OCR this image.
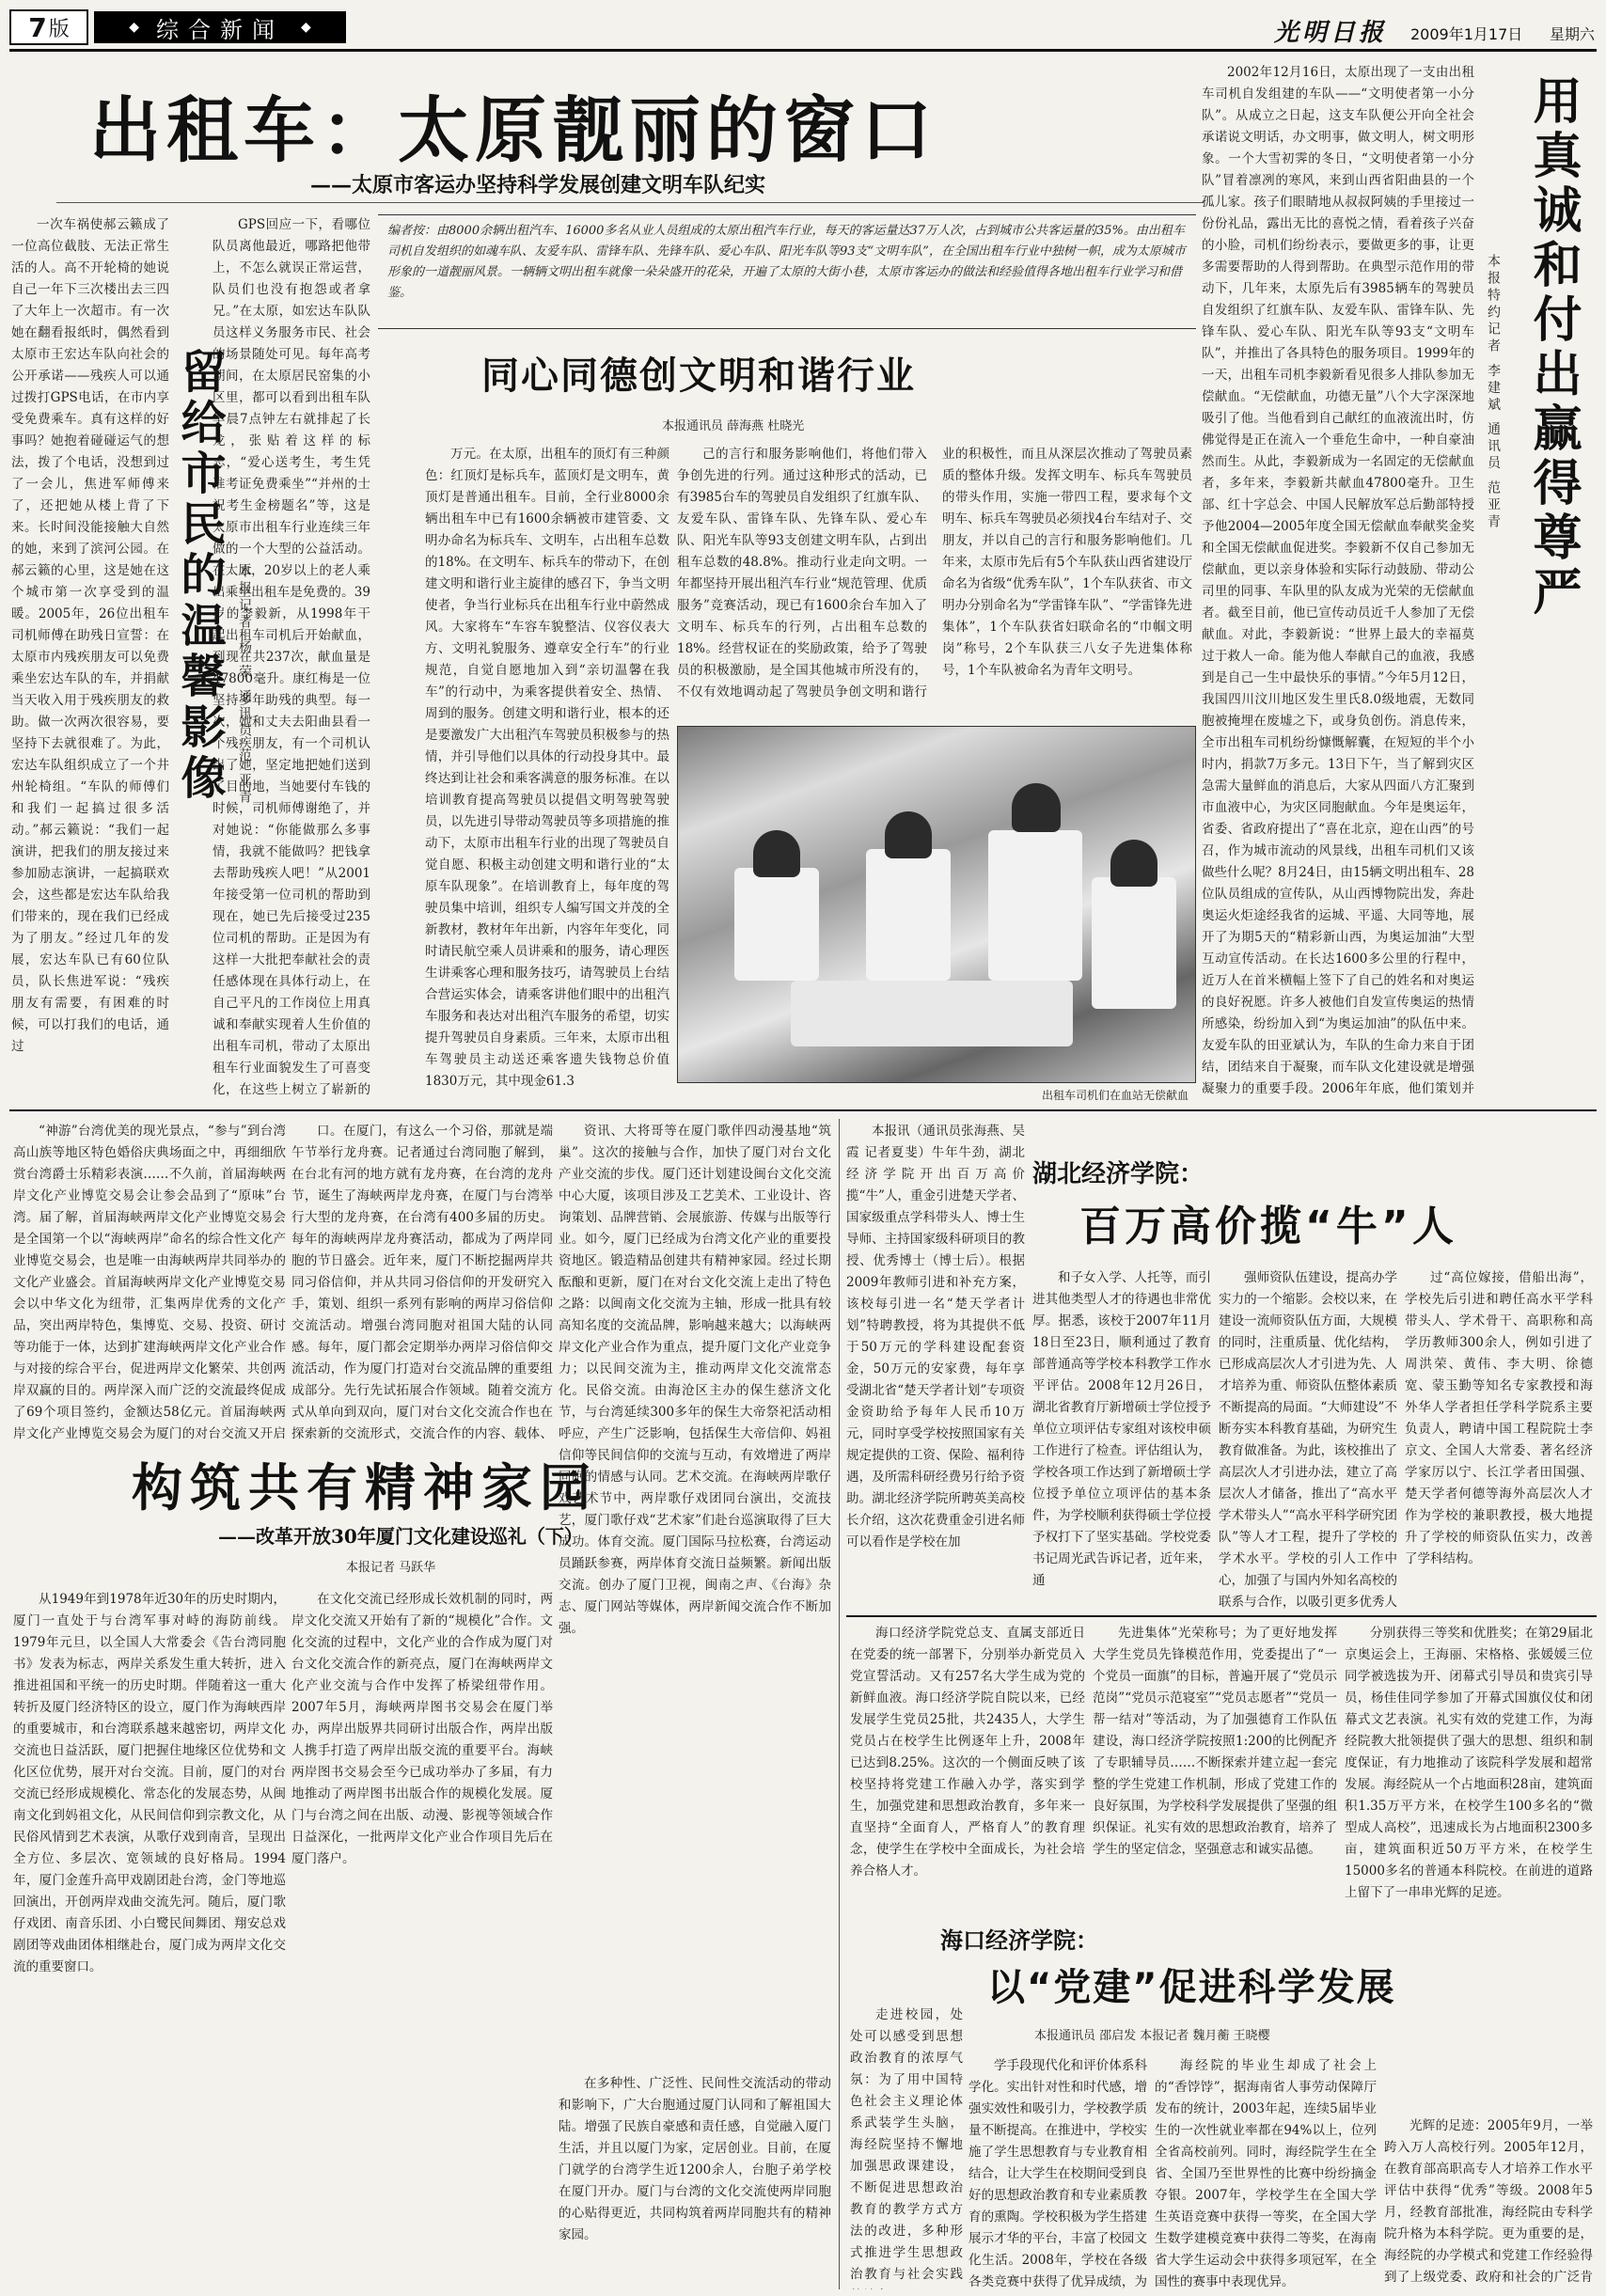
7 版	◆ 综合新闻 ◆	光明日报 2009年1月17日 星期六
出租车：太原靓丽的窗口
——太原市客运办坚持科学发展创建文明车队纪实

一次车祸使郝云籁成了一位高位截肢、无法正常生活的人。高不开轮椅的她说自己一年下三次楼出去三四了大年上一次超市。有一次她在翻看报纸时，偶然看到太原市王宏达车队向社会的公开承诺——残疾人可以通过拨打GPS电话，在市内享受免费乘车。真有这样的好事吗？她抱着碰碰运气的想法，拨了个电话，没想到过了一会儿，焦进军师傅来了，还把她从楼上背了下来。长时间没能接触大自然的她，来到了滨河公园。在郝云籁的心里，这是她在这个城市第一次享受到的温暖。2005年，26位出租车司机师傅在助残日宣誓：在太原市内残疾朋友可以免费乘坐宏达车队的车，并捐献当天收入用于残疾朋友的救助。做一次两次很容易，要坚持下去就很难了。为此，宏达车队组织成立了一个井州轮椅组。“车队的师傅们和我们一起搞过很多活动。”郝云籁说：“我们一起演讲，把我们的朋友接过来参加励志演讲，一起搞联欢会，这些都是宏达车队给我们带来的，现在我们已经成为了朋友。”经过几年的发展，宏达车队已有60位队员，队长焦进军说：“残疾朋友有需要，有困难的时候，可以打我们的电话，通过

留给市民的温馨影像 本报记者 杨 荣 通讯员 范 亚青

GPS回应一下，看哪位队员离他最近，哪路把他带上，不怎么就误正常运营，队员们也没有抱怨或者拿兄。”在太原，如宏达车队队员这样义务服务市民、社会的场景随处可见。每年高考期间，在太原居民窑集的小区里，都可以看到出租车队早晨7点钟左右就排起了长龙，张贴着这样的标志，“爱心送考生，考生凭准考证免费乘坐”“并州的士祝考生金榜题名”等，这是太原市出租车行业连续三年做的一个大型的公益活动。在太原，20岁以上的老人乘出乘坐出租车是免费的。39岁的李毅新，从1998年干起出租车司机后开始献血，到现在共237次，献血量是47800毫升。康红梅是一位坚持多年助残的典型。每一次，她和丈夫去阳曲县看一个残疾朋友，有一个司机认出了她，坚定地把她们送到了目的地，当她要付车钱的时候，司机师傅谢绝了，并对她说：“你能做那么多事情，我就不能做吗？把钱拿去帮助残疾人吧！”从2001年接受第一位司机的帮助到现在，她已先后接受过235位司机的帮助。正是因为有这样一大批把奉献社会的责任感体现在具体行动上，在自己平凡的工作岗位上用真诚和奉献实现着人生价值的出租车司机，带动了太原出租车行业面貌发生了可喜变化，在这些上树立了崭新的

编者按：由8000余辆出租汽车、16000多名从业人员组成的太原出租汽车行业，每天的客运量达37万人次，占到城市公共客运量的35%。由出租车司机自发组织的如魂车队、友爱车队、雷锋车队、先锋车队、爱心车队、阳光车队等93支“文明车队”，在全国出租车行业中独树一帜，成为太原城市形象的一道靓丽风景。一辆辆文明出租车就像一朵朵盛开的花朵，开遍了太原的大街小巷，太原市客运办的做法和经验值得各地出租车行业学习和借鉴。
同心同德创文明和谐行业
本报通讯员 薛海燕 杜晓光

万元。在太原，出租车的顶灯有三种颜色：红顶灯是标兵车，蓝顶灯是文明车，黄顶灯是普通出租车。目前，全行业8000余辆出租车中已有1600余辆被市建管委、文明办命名为标兵车、文明车，占出租车总数的18%。在文明车、标兵车的带动下，在创建文明和谐行业主旋律的感召下，争当文明使者，争当行业标兵在出租车行业中蔚然成风。大家将车“车容车貌整洁、仪容仪表大方、文明礼貌服务、遵章安全行车”的行业规范，自觉自愿地加入到“亲切温馨在我车”的行动中，为乘客提供着安全、热情、周到的服务。创建文明和谐行业，根本的还是要激发广大出租汽车驾驶员积极参与的热情，并引导他们以具体的行动投身其中。最终达到让社会和乘客满意的服务标准。在以培训教育提高驾驶员以提倡文明驾驶驾驶员，以先进引导带动驾驶员等多项措施的推动下，太原市出租车行业的出现了驾驶员自觉自愿、积极主动创建文明和谐行业的“太原车队现象”。在培训教育上，每年度的驾驶员集中培训，组织专人编写国文并茂的全新教材，教材年年出新，内容年年变化，同时请民航空乘人员讲乘和的服务，请心理医生讲乘客心理和服务技巧，请驾驶员上台结合营运实体会，请乘客讲他们眼中的出租汽车服务和表达对出租汽车服务的希望，切实提升驾驶员自身素质。三年来，太原市出租车驾驶员主动送还乘客遗失钱物总价值1830万元，其中现金61.3

己的言行和服务影响他们，将他们带入争创先进的行列。通过这种形式的活动，已有3985台车的驾驶员自发组织了红旗车队、友爱车队、雷锋车队、先锋车队、爱心车队、阳光车队等93支创建文明车队，占到出租车总数的48.8%。推动行业走向文明。一年都坚持开展出租汽车行业“规范管理、优质服务”竞赛活动，现已有1600余台车加入了文明车、标兵车的行列，占出租车总数的18%。经营权证在的奖励政策，给予了驾驶员的积极激励，是全国其他城市所没有的，不仅有效地调动起了驾驶员争创文明和谐行业的积极性，而且从深层次推动了驾驶员素质的整体升级。发挥文明车、标兵车驾驶员的带头作用，实施一带四工程，要求每个文明车、标兵车驾驶员必须找4台车结对子、交朋友，并以自己的言行和服务影响他们。几年来，太原市先后有5个车队获山西省建设厅命名为省级“优秀车队”，1个车队获省、市文明办分别命名为“学雷锋车队”、“学雷锋先进集体”，1个车队获省妇联命名的“巾帼文明岗”称号，2个车队获三八女子先进集体称号，1个车队被命名为青年文明号。

出租车司机们在血站无偿献血

2002年12月16日，太原出现了一支由出租车司机自发组建的车队——“文明使者第一小分队”。从成立之日起，这支车队便公开向全社会承诺说文明话，办文明事，做文明人，树文明形象。一个大雪初霁的冬日，“文明使者第一小分队”冒着凛冽的寒风，来到山西省阳曲县的一个孤儿家。孩子们眼睛地从叔叔阿姨的手里接过一份份礼品，露出无比的喜悦之情，看着孩子兴奋的小脸，司机们纷纷表示，要做更多的事，让更多需要帮助的人得到帮助。在典型示范作用的带动下，几年来，太原先后有3985辆车的驾驶员自发组织了红旗车队、友爱车队、雷锋车队、先锋车队、爱心车队、阳光车队等93支“文明车队”，并推出了各具特色的服务项目。1999年的一天，出租车司机李毅新看见很多人排队参加无偿献血。“无偿献血，功德无量”八个大字深深地吸引了他。当他看到自己献红的血液流出时，仿佛觉得是正在流入一个垂危生命中，一种自豪油然而生。从此，李毅新成为一名固定的无偿献血者，多年来，李毅新共献血47800毫升。卫生部、红十字总会、中国人民解放军总后勤部特授予他2004—2005年度全国无偿献血奉献奖金奖和全国无偿献血促进奖。李毅新不仅自己参加无偿献血，更以亲身体验和实际行动鼓励、带动公司里的同事、车队里的队友成为光荣的无偿献血者。截至目前，他已宣传动员近千人参加了无偿献血。对此，李毅新说：“世界上最大的幸福莫过于救人一命。能为他人奉献自己的血液，我感到是自己一生中最快乐的事情。”今年5月12日，我国四川汶川地区发生里氏8.0级地震，无数同胞被掩埋在废墟之下，或身负创伤。消息传来，全市出租车司机纷纷慷慨解囊，在短短的半个小时内，捐款7万多元。13日下午，当了解到灾区急需大量鲜血的消息后，大家从四面八方汇聚到市血液中心，为灾区同胞献血。今年是奥运年，省委、省政府提出了“喜在北京，迎在山西”的号召，作为城市流动的风景线，出租车司机们又该做些什么呢？8月24日，由15辆文明出租车、28位队员组成的宣传队，从山西博物院出发，奔赴奥运火炬途经我省的运城、平遥、大同等地，展开了为期5天的“精彩新山西，为奥运加油”大型互动宣传活动。在长达1600多公里的行程中，近万人在首米横幅上签下了自己的姓名和对奥运的良好祝愿。许多人被他们自发宣传奥运的热情所感染，纷纷加入到“为奥运加油”的队伍中来。友爱车队的田亚斌认为，车队的生命力来自于团结，团结来自于凝聚，而车队文化建设就是增强凝聚力的重要手段。2006年年底，他们策划并

用真诚和付出赢得尊严
本报特约记者 李建斌 通讯员 范亚青

“神游”台湾优美的现光景点，“参与”到台湾高山族等地区特色婚俗庆典场面之中，再细细欣赏台湾爵士乐精彩表演……不久前，首届海峡两岸文化产业博览交易会让参会品到了“原味”台湾。届了解，首届海峡两岸文化产业博览交易会是全国第一个以“海峡两岸”命名的综合性文化产业博览交易会，也是唯一由海峡两岸共同举办的文化产业盛会。首届海峡两岸文化产业博览交易会以中华文化为纽带，汇集两岸优秀的文化产品，突出两岸特色，集博览、交易、投资、研讨等功能于一体，达到扩建海峡两岸文化产业合作与对接的综合平台，促进两岸文化繁荣、共创两岸双赢的目的。两岸深入而广泛的交流最终促成了69个项目签约，金额达58亿元。首届海峡两岸文化产业博览交易会为厦门的对台交流又开启

构筑共有精神家园
——改革开放30年厦门文化建设巡礼（下）
本报记者 马跃华

从1949年到1978年近30年的历史时期内，厦门一直处于与台湾军事对峙的海防前线。1979年元旦，以全国人大常委会《告台湾同胞书》发表为标志，两岸关系发生重大转折，进入推进祖国和平统一的历史时期。伴随着这一重大转折及厦门经济特区的设立，厦门作为海峡西岸的重要城市，和台湾联系越来越密切，两岸文化交流也日益活跃，厦门把握住地缘区位优势和文化区位优势，展开对台交流。目前，厦门的对台交流已经形成规模化、常态化的发展态势，从闽南文化到妈祖文化，从民间信仰到宗教文化，从民俗风情到艺术表演，从歌仔戏到南音，呈现出全方位、多层次、宽领域的良好格局。1994年，厦门金莲升高甲戏剧团赴台湾，金门等地巡回演出，开创两岸戏曲交流先河。随后，厦门歌仔戏团、南音乐团、小白鹭民间舞团、翔安总戏剧团等戏曲团体相继赴台，厦门成为两岸文化交流的重要窗口。

口。在厦门，有这么一个习俗，那就是端午节举行龙舟赛。记者通过台湾同胞了解到，在台北有河的地方就有龙舟赛，在台湾的龙舟节，诞生了海峡两岸龙舟赛，在厦门与台湾举行大型的龙舟赛，在台湾有400多届的历史。每年的海峡两岸龙舟赛活动，都成为了两岸同胞的节日盛会。近年来，厦门不断挖掘两岸共同习俗信仰，并从共同习俗信仰的开发研究入手，策划、组织一系列有影响的两岸习俗信仰交流活动。增强台湾同胞对祖国大陆的认同感。每年，厦门都会定期举办两岸习俗信仰交流活动，作为厦门打造对台交流品牌的重要组成部分。先行先试拓展合作领域。随着交流方式从单向到双向，厦门对台文化交流合作也在探索新的交流形式，交流合作的内容、载体、

在文化交流已经形成长效机制的同时，两岸文化交流又开始有了新的“规模化”合作。文化交流的过程中，文化产业的合作成为厦门对台文化交流合作的新亮点，厦门在海峡两岸文化产业交流与合作中发挥了桥梁纽带作用。2007年5月，海峡两岸图书交易会在厦门举办，两岸出版界共同研讨出版合作，两岸出版人携手打造了两岸出版交流的重要平台。海峡两岸图书交易会至今已成功举办了多届，有力地推动了两岸图书出版合作的规模化发展。厦门与台湾之间在出版、动漫、影视等领域合作日益深化，一批两岸文化产业合作项目先后在厦门落户。

资讯、大将哥等在厦门歌伴四动漫基地“筑巢”。这次的接触与合作，加快了厦门对台文化产业交流的步伐。厦门还计划建设闽台文化交流中心大厦，该项目涉及工艺美术、工业设计、咨询策划、品牌营销、会展旅游、传媒与出版等行业。如今，厦门已经成为台湾文化产业的重要投资地区。锻造精品创建共有精神家园。经过长期酝酿和更新，厦门在对台文化交流上走出了特色之路：以闽南文化交流为主轴，形成一批具有较高知名度的交流品牌，影响越来越大；以海峡两岸文化产业合作为重点，提升厦门文化产业竞争力；以民间交流为主，推动两岸文化交流常态化。民俗交流。由海沧区主办的保生慈济文化节，与台湾延续300多年的保生大帝祭祀活动相呼应，产生广泛影响，包括保生大帝信仰、妈祖信仰等民间信仰的交流与互动，有效增进了两岸同胞的情感与认同。艺术交流。在海峡两岸歌仔戏艺术节中，两岸歌仔戏团同台演出，交流技艺，厦门歌仔戏“艺术家”们赴台巡演取得了巨大成功。体育交流。厦门国际马拉松赛，台湾运动员踊跃参赛，两岸体育交流日益频繁。新闻出版交流。创办了厦门卫视，闽南之声、《台海》杂志、厦门网站等媒体，两岸新闻交流合作不断加强。

在多种性、广泛性、民间性交流活动的带动和影响下，广大台胞通过厦门认同和了解祖国大陆。增强了民族自豪感和责任感，自觉融入厦门生活，并且以厦门为家，定居创业。目前，在厦门就学的台湾学生近1200余人，台胞子弟学校在厦门开办。厦门与台湾的文化交流使两岸同胞的心贴得更近，共同构筑着两岸同胞共有的精神家园。

本报讯（通讯员张海燕、吴霞 记者夏斐）牛年牛劲，湖北经济学院开出百万高价揽“牛”人，重金引进楚天学者、国家级重点学科带头人、博士生导师、主持国家级科研项目的教授、优秀博士（博士后）。根据2009年教师引进和补充方案，该校每引进一名“楚天学者计划”特聘教授，将为其提供不低于50万元的学科建设配套资金，50万元的安家费，每年享受湖北省“楚天学者计划”专项资金资助给予每年人民币10万元，同时享受学校按照国家有关规定提供的工资、保险、福利待遇，及所需科研经费另行给予资助。湖北经济学院所聘英美高校长介绍，这次花费重金引进名师可以看作是学校在加

湖北经济学院：
百万高价揽“牛”人

和子女入学、人托等，而引进其他类型人才的待遇也非常优厚。据悉，该校于2007年11月18日至23日，顺利通过了教育部普通高等学校本科教学工作水平评估。2008年12月26日，湖北省教育厅新增硕士学位授予单位立项评估专家组对该校申硕工作进行了检查。评估组认为，学校各项工作达到了新增硕士学位授予单位立项评估的基本条件，为学校顺利获得硕士学位授予权打下了坚实基础。学校党委书记周光武告诉记者，近年来，通

强师资队伍建设，提高办学实力的一个缩影。会校以来，在建设一流师资队伍方面，大规模的同时，注重质量、优化结构，已形成高层次人才引进为先、人才培养为重、师资队伍整体素质不断提高的局面。“大师建设”不断夯实本科教育基础，为研究生教育做准备。为此，该校推出了高层次人才引进办法，建立了高层次人才储备，推出了“高水平学术带头人”“高水平科学研究团队”等人才工程，提升了学校的学术水平。学校的引人工作中心，加强了与国内外知名高校的联系与合作，以吸引更多优秀人

过“高位嫁接，借船出海”，学校先后引进和聘任高水平学科带头人、学术骨干、高职称和高学历教师300余人，例如引进了周洪荣、黄伟、李大明、徐德宽、蒙玉勤等知名专家教授和海外华人学者担任学科学院系主要负责人，聘请中国工程院院士李京文、全国人大常委、著名经济学家厉以宁、长江学者田国强、楚天学者何德等海外高层次人才作为学校的兼职教授，极大地提升了学校的师资队伍实力，改善了学科结构。

海口经济学院党总支、直属支部近日在党委的统一部署下，分别举办新党员入党宣誓活动。又有257名大学生成为党的新鲜血液。海口经济学院自院以来，已经发展学生党员25批，共2435人，大学生党员占在校学生比例逐年上升，2008年已达到8.25%。这次的一个侧面反映了该校坚持将党建工作融入办学，落实到学生，加强党建和思想政治教育，多年来一直坚持“全面育人，严格育人”的教育理念，使学生在学校中全面成长，为社会培养合格人才。

先进集体”光荣称号；为了更好地发挥大学生党员先锋模范作用，党委提出了“一个党员一面旗”的目标，普遍开展了“党员示范岗”“党员示范寝室”“党员志愿者”“党员一帮一结对”等活动，为了加强德育工作队伍建设，海口经济学院按照1:200的比例配齐了专职辅导员……不断探索并建立起一套完整的学生党建工作机制，形成了党建工作的良好氛围，为学校科学发展提供了坚强的组织保证。礼实有效的思想政治教育，培养了学生的坚定信念，坚强意志和诚实品德。

分别获得三等奖和优胜奖；在第29届北京奥运会上，王海丽、宋格格、张媛媛三位同学被选拔为开、闭幕式引导员和贵宾引导员，杨佳佳同学参加了开幕式国旗仪仗和闭幕式文艺表演。礼实有效的党建工作，为海经院教大批领提供了强大的思想、组织和制度保证，有力地推动了该院科学发展和超常发展。海经院从一个占地面积28亩，建筑面积1.35万平方米，在校学生100多名的“微型成人高校”，迅速成长为占地面积2300多亩，建筑面积近50万平方米，在校学生15000多名的普通本科院校。在前进的道路上留下了一串串光辉的足迹。

海口经济学院：
以“党建”促进科学发展
本报通讯员 邵启发 本报记者 魏月蘅 王晓樱

走进校园，处处可以感受到思想政治教育的浓厚气氛：为了用中国特色社会主义理论体系武装学生头脑，海经院坚持不懈地加强思政课建设，不断促进思想政治教育的教学方式方法的改进，多种形式推进学生思想政治教育与社会实践

学手段现代化和评价体系科学化。实出针对性和时代感，增强实效性和吸引力，学校教学质量不断提高。在推进中，学校实施了学生思想教育与专业教育相结合，让大学生在校期间受到良好的思想政治教育和专业素质教育的熏陶。学校积极为学生搭建展示才华的平台，丰富了校园文化生活。2008年，学校在各级各类竞赛中获得了优异成绩，为

海经院的毕业生却成了社会上的“香饽饽”，据海南省人事劳动保障厅发布的统计，2003年起，连续5届毕业生的一次性就业率都在94%以上，位列全省高校前列。同时，海经院学生在全省、全国乃至世界性的比赛中纷纷摘金夺银。2007年，学校学生在全国大学生英语竞赛中获得一等奖，在全国大学生数学建模竞赛中获得二等奖，在海南省大学生运动会中获得多项冠军，在全国性的赛事中表现优异。

光辉的足迹：2005年9月，一举跨入万人高校行列。2005年12月，在教育部高职高专人才培养工作水平评估中获得“优秀”等级。2008年5月，经教育部批准，海经院由专科学院升格为本科学院。更为重要的是，海经院的办学模式和党建工作经验得到了上级党委、政府和社会的广泛肯
